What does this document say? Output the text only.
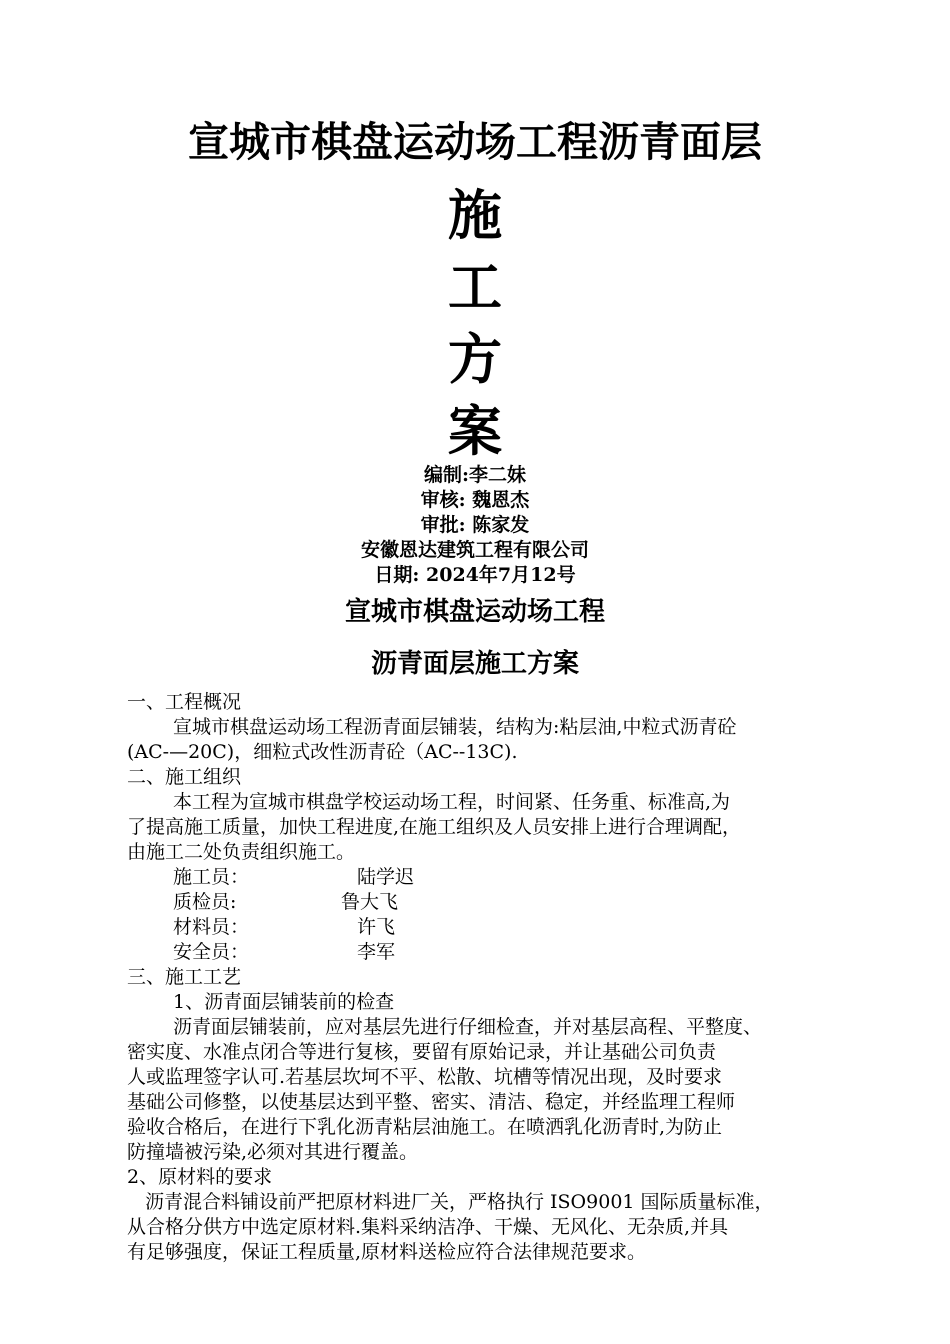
宣城市棋盘运动场工程沥青面层
施
工
方
案
编制:李二妹
审核: 魏恩杰
审批: 陈家发
安徽恩达建筑工程有限公司
日期: 2024年7月12号
宣城市棋盘运动场工程
沥青面层施工方案
一、工程概况
宣城市棋盘运动场工程沥青面层铺装，结构为:粘层油,中粒式沥青砼
(AC-—20C)，细粒式改性沥青砼（AC--13C).
二、施工组织
本工程为宣城市棋盘学校运动场工程，时间紧、任务重、标准高,为
了提高施工质量，加快工程进度,在施工组织及人员安排上进行合理调配，
由施工二处负责组织施工。
施工员：	陆学迟
质检员:	鲁大飞
材料员：	许飞
安全员：	李军
三、施工工艺
1、沥青面层铺装前的检查
沥青面层铺装前，应对基层先进行仔细检查，并对基层高程、平整度、
密实度、水准点闭合等进行复核，要留有原始记录，并让基础公司负责
人或监理签字认可.若基层坎坷不平、松散、坑槽等情况出现，及时要求
基础公司修整，以使基层达到平整、密实、清洁、稳定，并经监理工程师
验收合格后，在进行下乳化沥青粘层油施工。在喷洒乳化沥青时,为防止
防撞墙被污染,必须对其进行覆盖。
2、原材料的要求
沥青混合料铺设前严把原材料进厂关，严格执行 ISO9001 国际质量标准，
从合格分供方中选定原材料.集料采纳洁净、干燥、无风化、无杂质,并具
有足够强度，保证工程质量,原材料送检应符合法律规范要求。
